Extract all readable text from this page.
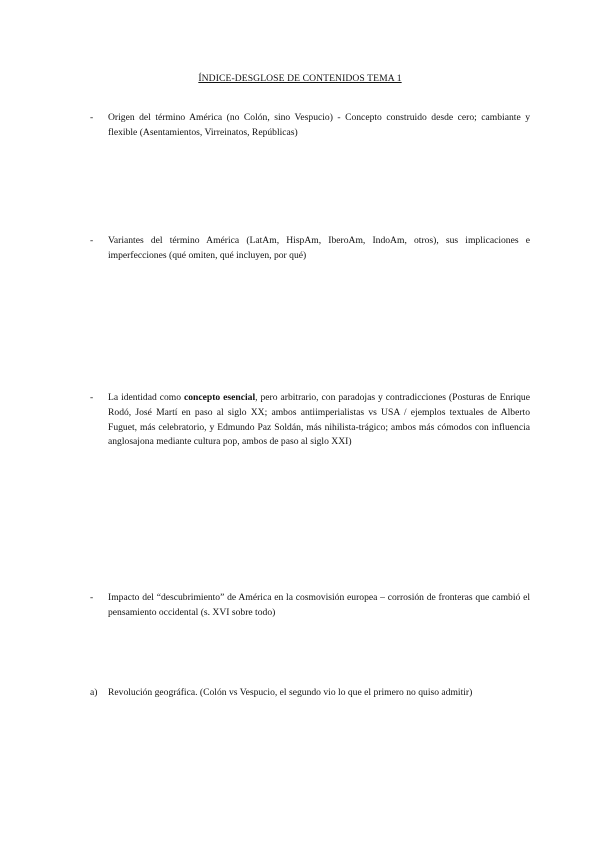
ÍNDICE-DESGLOSE DE CONTENIDOS TEMA 1
-	Origen del término América (no Colón, sino Vespucio) - Concepto construido desde cero; cambiante y flexible (Asentamientos, Virreinatos, Repúblicas)
-	Variantes del término América (LatAm, HispAm, IberoAm, IndoAm, otros), sus implicaciones e imperfecciones (qué omiten, qué incluyen, por qué)
-	La identidad como concepto esencial, pero arbitrario, con paradojas y contradicciones (Posturas de Enrique Rodó, José Martí en paso al siglo XX; ambos antiimperialistas vs USA / ejemplos textuales de Alberto Fuguet, más celebratorio, y Edmundo Paz Soldán, más nihilista-trágico; ambos más cómodos con influencia anglosajona mediante cultura pop, ambos de paso al siglo XXI)
-	Impacto del “descubrimiento” de América en la cosmovisión europea – corrosión de fronteras que cambió el pensamiento occidental (s. XVI sobre todo)
a)	Revolución geográfica. (Colón vs Vespucio, el segundo vio lo que el primero no quiso admitir)
